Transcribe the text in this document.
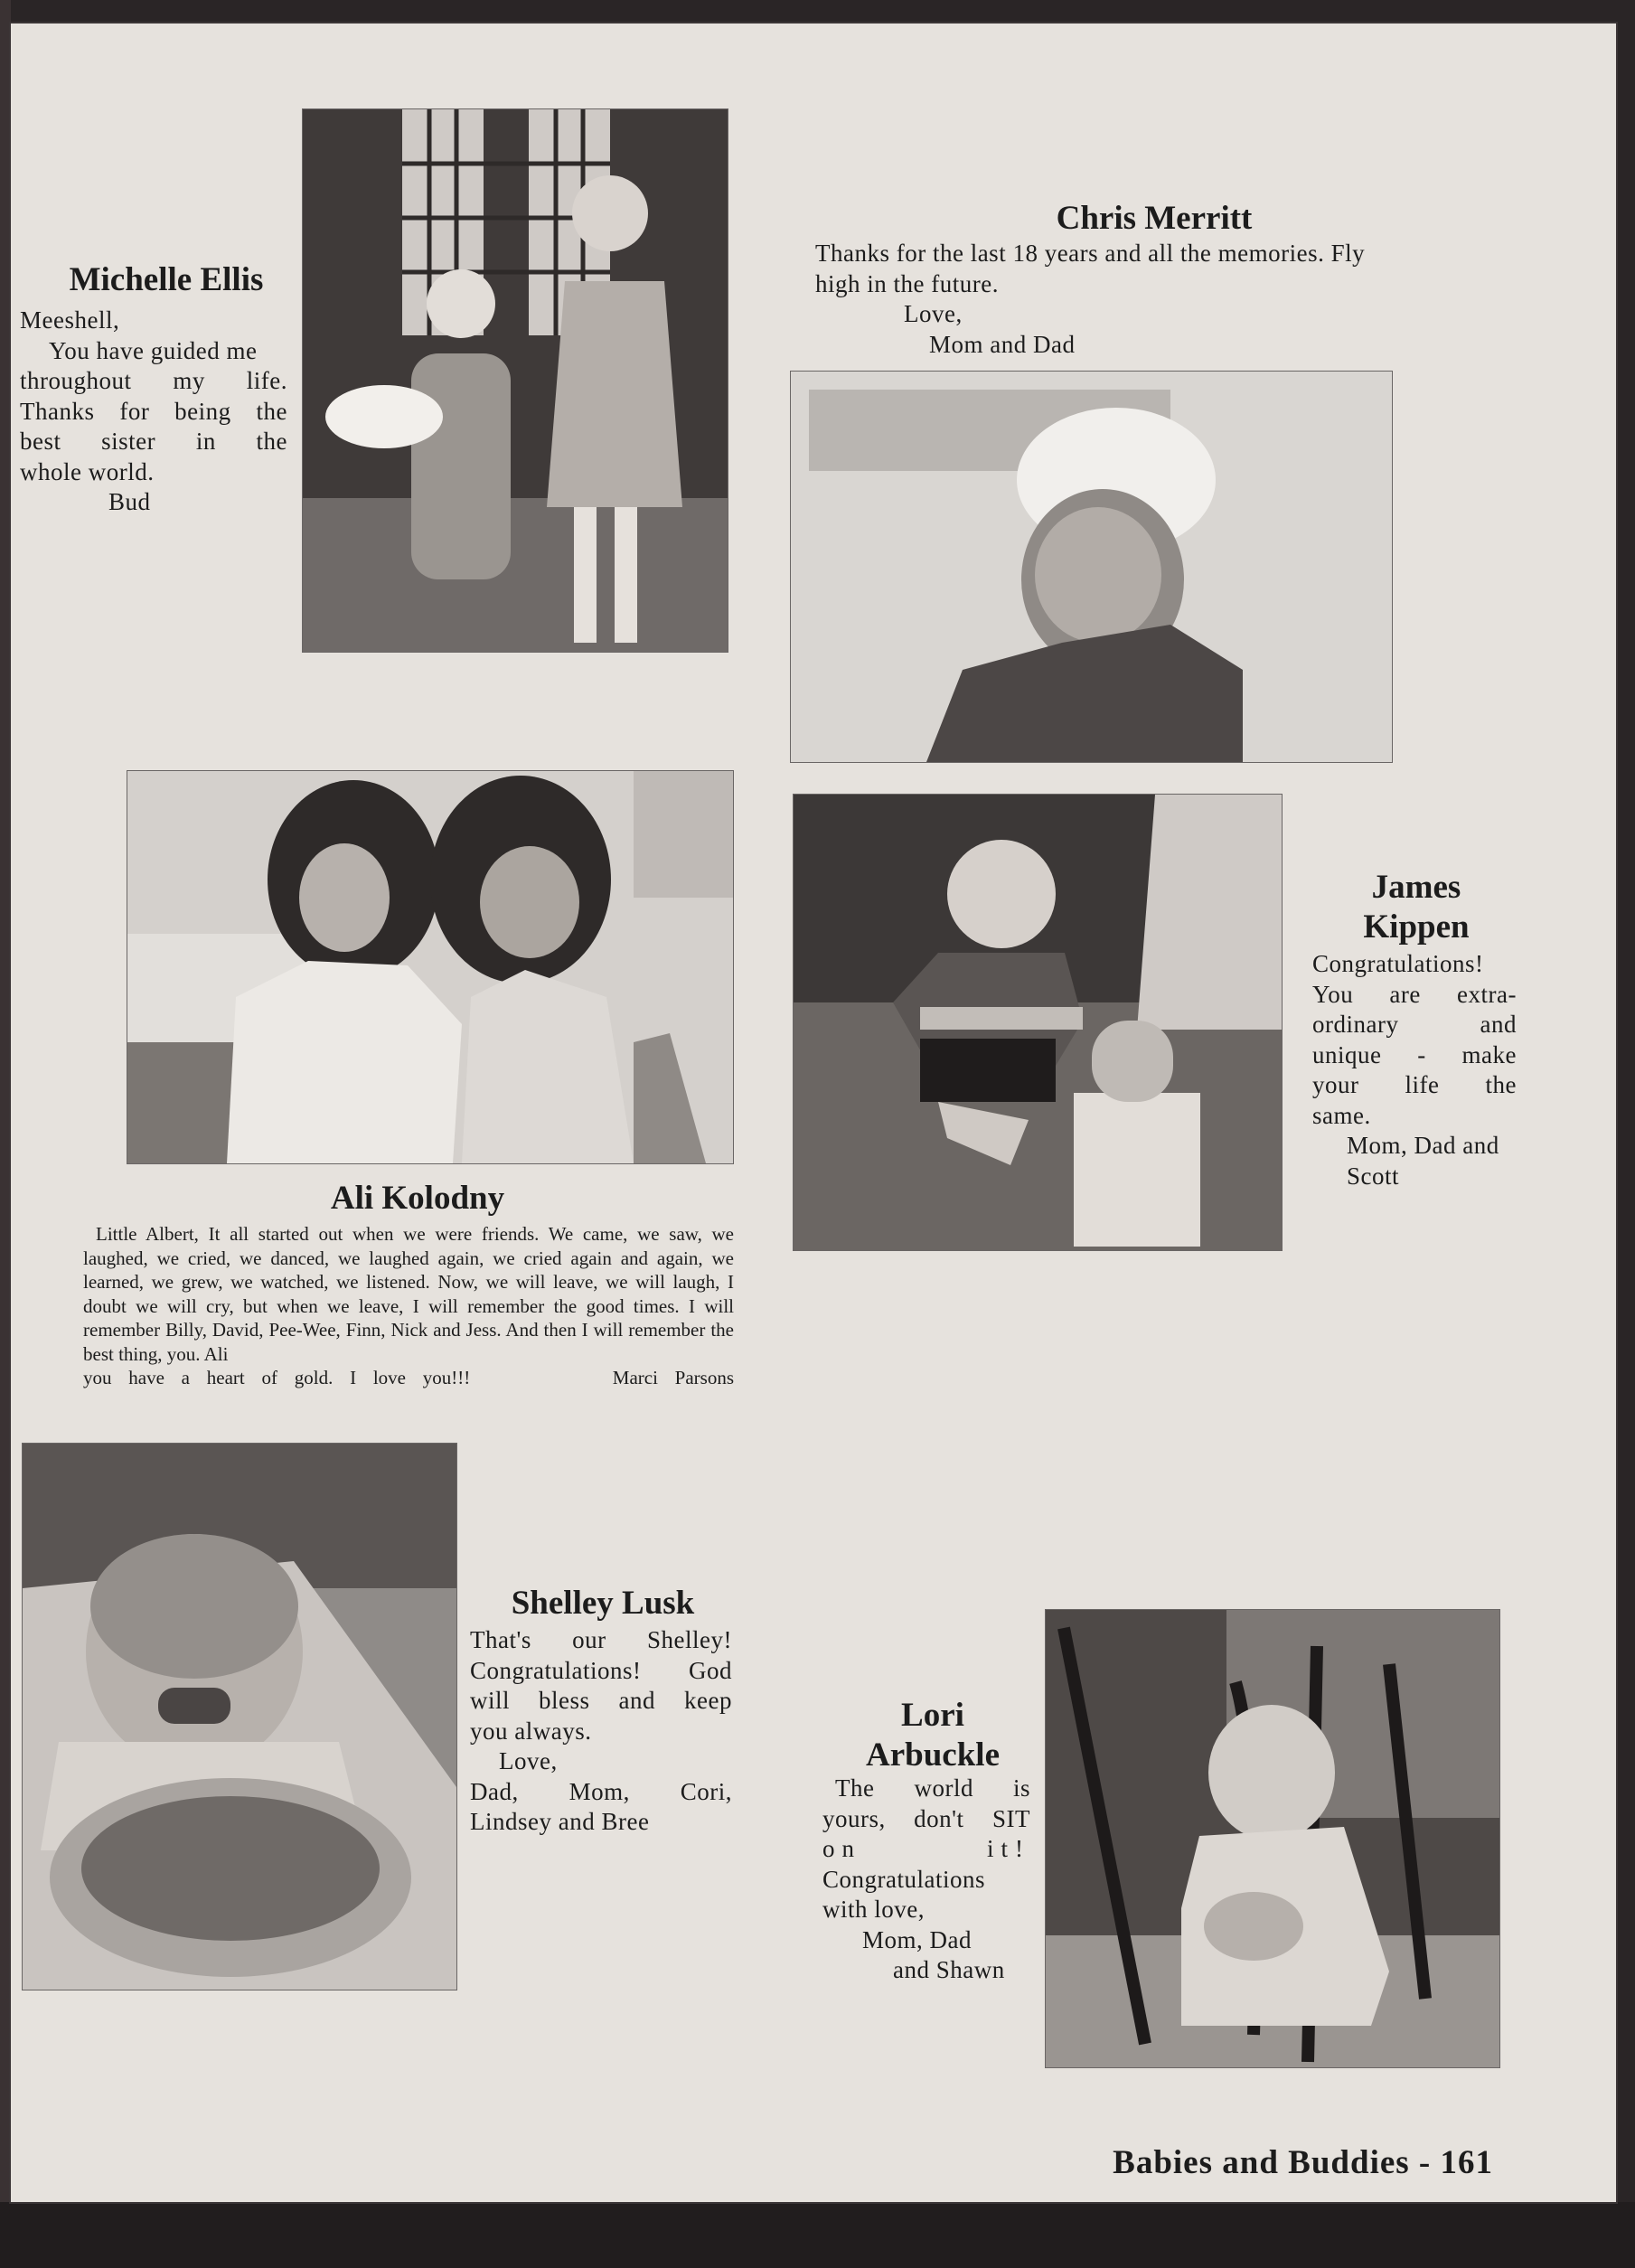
Michelle Ellis

Meeshell,

You have guided me

throughout my life.

Thanks for being the

best sister in the

whole world.

Bud

Chris Merritt

Thanks for the last 18 years and all the memories. Fly

high in the future.

Love,

Mom and Dad

Ali Kolodny

Little Albert, It all started out when we were friends. We came, we saw, we laughed, we cried, we danced, we laughed again, we cried again and again, we learned, we grew, we watched, we listened. Now, we will leave, we will laugh, I doubt we will cry, but when we leave, I will remember the good times. I will remember Billy, David, Pee-Wee, Finn, Nick and Jess. And then I will remember the best thing, you. Ali

you have a heart of gold. I love you!!!	Marci Parsons

James
Kippen

Congratulations!

You are extra-

ordinary and

unique - make

your life the

same.

Mom, Dad and

Scott

Shelley Lusk

That's our Shelley!

Congratulations! God

will bless and keep

you always.

Love,

Dad, Mom, Cori,

Lindsey and Bree

Lori
Arbuckle

The world is

yours, don't SIT

on it!

Congratulations

with love,

Mom, Dad

and Shawn

Babies and Buddies - 161
